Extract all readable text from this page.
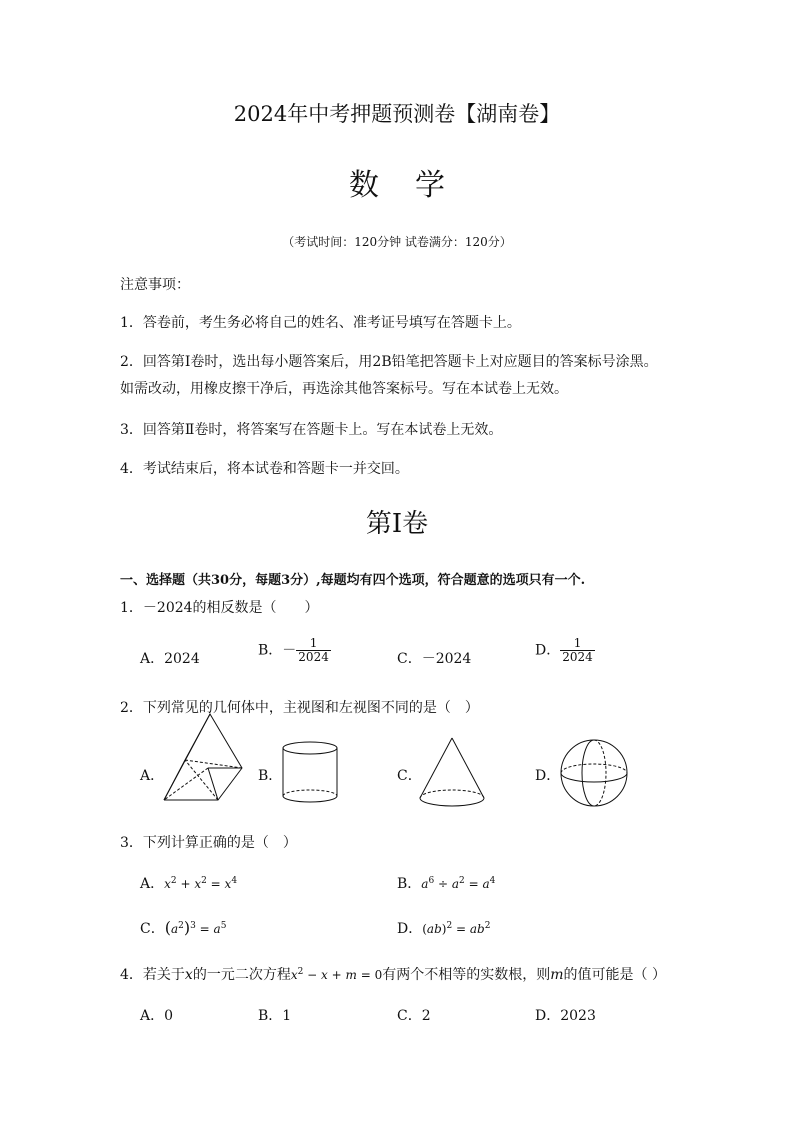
2024年中考押题预测卷【湖南卷】
数 学
（考试时间：120分钟 试卷满分：120分）
注意事项：
1．答卷前，考生务必将自己的姓名、准考证号填写在答题卡上。
2．回答第Ⅰ卷时，选出每小题答案后，用2B铅笔把答题卡上对应题目的答案标号涂黑。
如需改动，用橡皮擦干净后，再选涂其他答案标号。写在本试卷上无效。
3．回答第Ⅱ卷时，将答案写在答题卡上。写在本试卷上无效。
4．考试结束后，将本试卷和答题卡一并交回。
第Ⅰ卷
一、选择题（共30分，每题3分）,每题均有四个选项，符合题意的选项只有一个.
1．－2024的相反数是（　　）
A．2024
B．－ $\frac{1}{2024}$	C．－2024
D． $\frac{1}{2024}$
2．下列常见的几何体中，主视图和左视图不同的是（　）
A．	B．	C．	D．
3．下列计算正确的是（　）
A．$x^2 + x^2 = x^4$	B．$a^6 \div a^2 = a^4$
C．$(a^2)^3 = a^5$	D．$(ab)^2 = ab^2$
4．若关于x的一元二次方程$x^2 - x + m = 0$有两个不相等的实数根，则m的值可能是（ ）
A．0	B．1	C．2	D．2023
